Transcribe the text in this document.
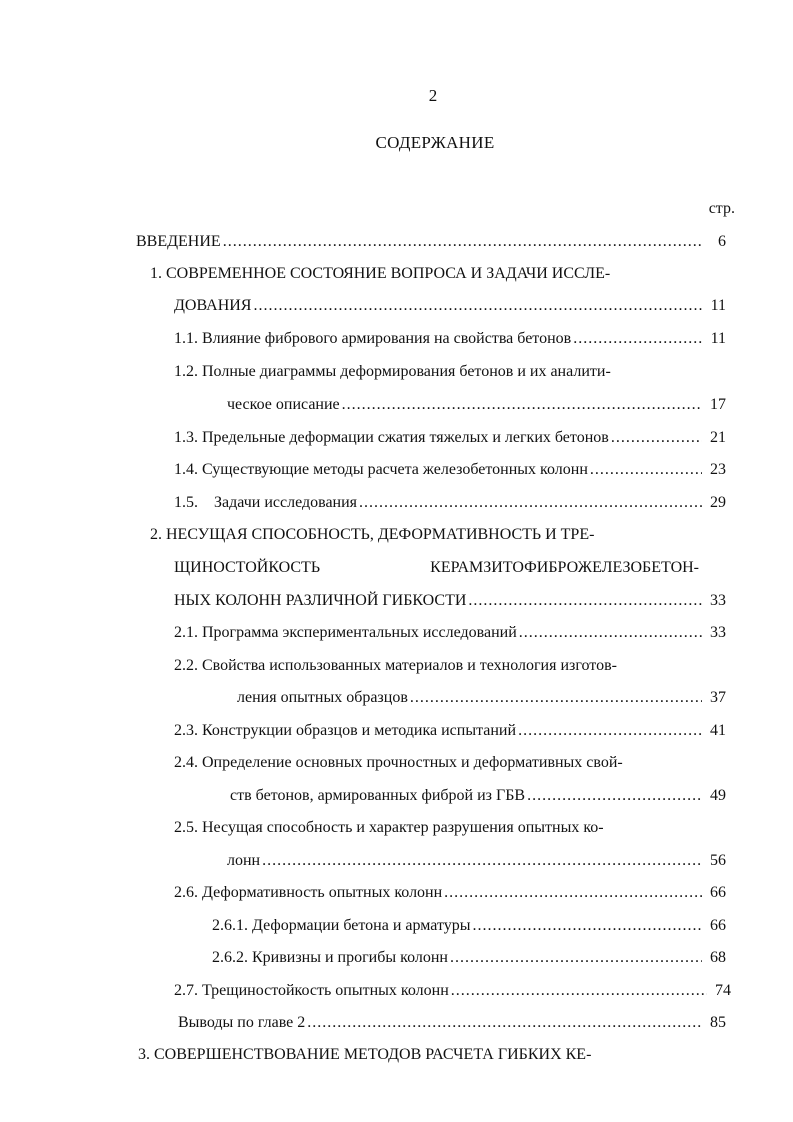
2
СОДЕРЖАНИЕ
стр.
ВВЕДЕНИЕ .....	6
1. СОВРЕМЕННОЕ СОСТОЯНИЕ ВОПРОСА И ЗАДАЧИ ИССЛЕ-
ДОВАНИЯ .....	11
1.1. Влияние фибрового армирования на свойства бетонов .....	11
1.2. Полные диаграммы деформирования бетонов и их аналити-
ческое описание .....	17
1.3. Предельные деформации сжатия тяжелых и легких бетонов .....	21
1.4. Существующие методы расчета железобетонных колонн .....	23
1.5.    Задачи исследования .....	29
2. НЕСУЩАЯ СПОСОБНОСТЬ, ДЕФОРМАТИВНОСТЬ И ТРЕ-
ЩИНОСТОЙКОСТЬ	КЕРАМЗИТОФИБРОЖЕЛЕЗОБЕТОН-
НЫХ КОЛОНН РАЗЛИЧНОЙ ГИБКОСТИ .....	33
2.1. Программа экспериментальных исследований .....	33
2.2. Свойства использованных материалов и технология изготов-
ления опытных образцов .....	37
2.3. Конструкции образцов и методика испытаний .....	41
2.4. Определение основных прочностных и деформативных свой-
ств бетонов, армированных фиброй из ГБВ .....	49
2.5. Несущая способность и характер разрушения опытных ко-
лонн .....	56
2.6. Деформативность опытных колонн .....	66
2.6.1. Деформации бетона и арматуры .....	66
2.6.2. Кривизны и прогибы колонн .....	68
2.7. Трещиностойкость опытных колонн .....	74
Выводы по главе 2 .....	85
3. СОВЕРШЕНСТВОВАНИЕ МЕТОДОВ РАСЧЕТА ГИБКИХ КЕ-
